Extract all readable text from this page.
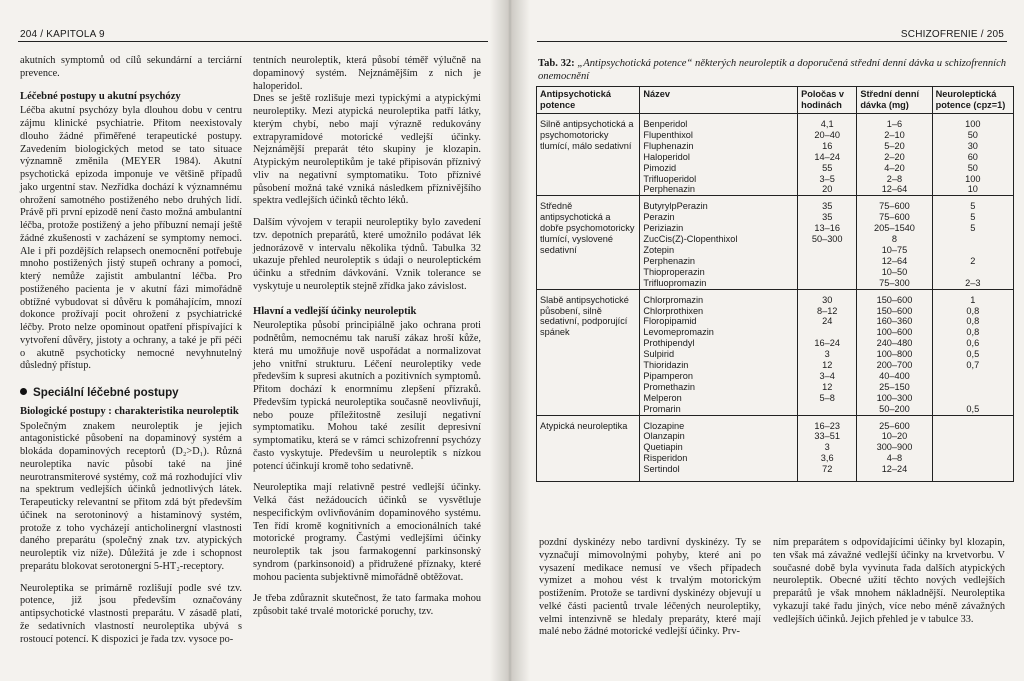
204 / KAPITOLA 9

akutních symptomů od cílů sekundární a terciární prevence.

Léčebné postupy u akutní psychózy

Léčba akutní psychózy byla dlouhou dobu v centru zájmu klinické psychiatrie. Přitom neexistovaly dlouho žádné přiměřené terapeutické postupy. Zavedením biologických metod se tato situace významně změnila (MEYER 1984). Akutní psychotická epizoda imponuje ve většině případů jako urgentní stav. Nezřídka dochází k významnému ohrožení samotného postiženého nebo druhých lidí. Právě při první epizodě není často možná ambulantní léčba, protože postižený a jeho příbuzní nemají ještě žádné zkušenosti v zacházení se symptomy nemoci. Ale i při pozdějších relapsech onemocnění potřebuje mnoho postižených jistý stupeň ochrany a pomoci, který nemůže zajistit ambulantní léčba. Pro postiženého pacienta je v akutní fázi mimořádně obtížné vybudovat si důvěru k pomáhajícím, mnozí dokonce prožívají pocit ohrožení z psychiatrické léčby. Proto nelze opominout opatření přispívající k vytvoření důvěry, jistoty a ochrany, a také je při péči o akutně psychoticky nemocné nevyhnutelný důsledný přístup.

Speciální léčebné postupy
Biologické postupy : charakteristika neuroleptik

Společným znakem neuroleptik je jejich antagonistické působení na dopaminový systém a blokáda dopaminových receptorů (D₂>D₁). Různá neuroleptika navíc působí také na jiné neurotransmiterové systémy, což má rozhodující vliv na spektrum vedlejších účinků jednotlivých látek. Terapeuticky relevantní se přitom zdá být především účinek na serotoninový a histaminový systém, protože z toho vycházejí anticholinergní vlastnosti daného preparátu (společný znak tzv. atypických neuroleptik viz níže). Důležitá je zde i schopnost preparátu blokovat serotonergní 5-HT₂-receptory.

Neuroleptika se primárně rozlišují podle své tzv. potence, již jsou především označovány antipsychotické vlastnosti preparátu. V zásadě platí, že sedativních vlastností neuroleptika ubývá s rostoucí potencí. K dispozici je řada tzv. vysoce po-

tentních neuroleptik, která působí téměř výlučně na dopaminový systém. Nejznámějším z nich je haloperidol.

Dnes se ještě rozlišuje mezi typickými a atypickými neuroleptiky. Mezi atypická neuroleptika patří látky, kterým chybí, nebo mají výrazně redukovány extrapyramidové motorické vedlejší účinky. Nejznámější preparát této skupiny je klozapin. Atypickým neuroleptikům je také připisován příznivý vliv na negativní symptomatiku. Toto příznivé působení možná také vzniká následkem příznivějšího spektra vedlejších účinků těchto léků.

Dalším vývojem v terapii neuroleptiky bylo zavedení tzv. depotních preparátů, které umožnilo podávat lék jednorázově v intervalu několika týdnů. Tabulka 32 ukazuje přehled neuroleptik s údaji o neuroleptickém účinku a středním dávkování. Vznik tolerance se vyskytuje u neuroleptik stejně zřídka jako závislost.

Hlavní a vedlejší účinky neuroleptik

Neuroleptika působí principiálně jako ochrana proti podnětům, nemocnému tak naruší zákaz hroší kůže, která mu umožňuje nově uspořádat a normalizovat jeho vnitřní strukturu. Léčení neuroleptiky vede především k supresi akutních a pozitivních symptomů. Přitom dochází k enormnímu zlepšení přízraků. Především typická neuroleptika současně neovlivňují, nebo pouze příležitostně zesilují negativní symptomatiku. Mohou také zesílit depresivní symptomatiku, která se v rámci schizofrenní psychózy často vyskytuje. Především u neuroleptik s nízkou potencí účinkují kromě toho sedativně.

Neuroleptika mají relativně pestré vedlejší účinky. Velká část nežádoucích účinků se vysvětluje nespecifickým ovlivňováním dopaminového systému. Ten řídí kromě kognitivních a emocionálních také motorické programy. Častými vedlejšími účinky neuroleptik tak jsou farmakogenní parkinsonský syndrom (parkinsonoid) a přidružené příznaky, které mohou pacienta subjektivně mimořádně obtěžovat.

Je třeba zdůraznit skutečnost, že tato farmaka mohou způsobit také trvalé motorické poruchy, tzv.

SCHIZOFRENIE / 205
Tab. 32: „Antipsychotická potence“ některých neuroleptik a doporučená střední denní dávka u schizofrenních onemocnění
Antipsychotická potence	Název	Poločas v hodinách	Střední denní dávka (mg)	Neuroleptická potence (cpz=1)
Silně antipsychotická a psychomotoricky tlumící, málo sedativní	Benperidol	4,1	1–6	100
	Flupenthixol	20–40	2–10	50
	Fluphenazin	16	5–20	30
	Haloperidol	14–24	2–20	60
	Pimozid	55	4–20	50
	Trifluoperidol	3–5	2–8	100
	Perphenazin	20	12–64	10
Středně antipsychotická a dobře psychomotoricky tlumící, vyslovené sedativní	ButyrylpPerazin	35	75–600	5
	Perazin	35	75–600	5
	Periziazin	13–16	205–1540	5
	ZucCis(Z)-Clopenthixol	50–300	8	
	Zotepin		10–75	
	Perphenazin		12–64	2
	Thioproperazin		10–50	
	Trifluopromazin		75–300	2–3
Slabě antipsychotické působení, silně sedativní, podporující spánek	Chlorpromazin	30	150–600	1
	Chlorprothixen	8–12	150–600	0,8
	Floropipamid	24	160–360	0,8
	Levomepromazin		100–600	0,8
	Prothipendyl	16–24	240–480	0,6
	Sulpirid	3	100–800	0,5
	Thioridazin	12	200–700	0,7
	Pipamperon	3–4	40–400	
	Promethazin	12	25–150	
	Melperon	5–8	100–300	
	Promarin		50–200	0,5
Atypická neuroleptika	Clozapine	16–23	25–600	
	Olanzapin	33–51	10–20	
	Quetiapin	3	300–900	
	Risperidon	3,6	4–8	
	Sertindol	72	12–24	

pozdní dyskinézy nebo tardivní dyskinézy. Ty se vyznačují mimovolnými pohyby, které ani po vysazení medikace nemusí ve všech případech vymizet a mohou vést k trvalým motorickým postižením. Protože se tardivní dyskinézy objevují u velké části pacientů trvale léčených neuroleptiky, velmi intenzivně se hledaly preparáty, které mají malé nebo žádné motorické vedlejší účinky. Prv-

ním preparátem s odpovídajícími účinky byl klozapin, ten však má závažné vedlejší účinky na krvetvorbu. V současné době byla vyvinuta řada dalších atypických neuroleptik. Obecné užití těchto nových vedlejších preparátů je však mnohem nákladnější. Neuroleptika vykazují také řadu jiných, více nebo méně závažných vedlejších účinků. Jejich přehled je v tabulce 33.
